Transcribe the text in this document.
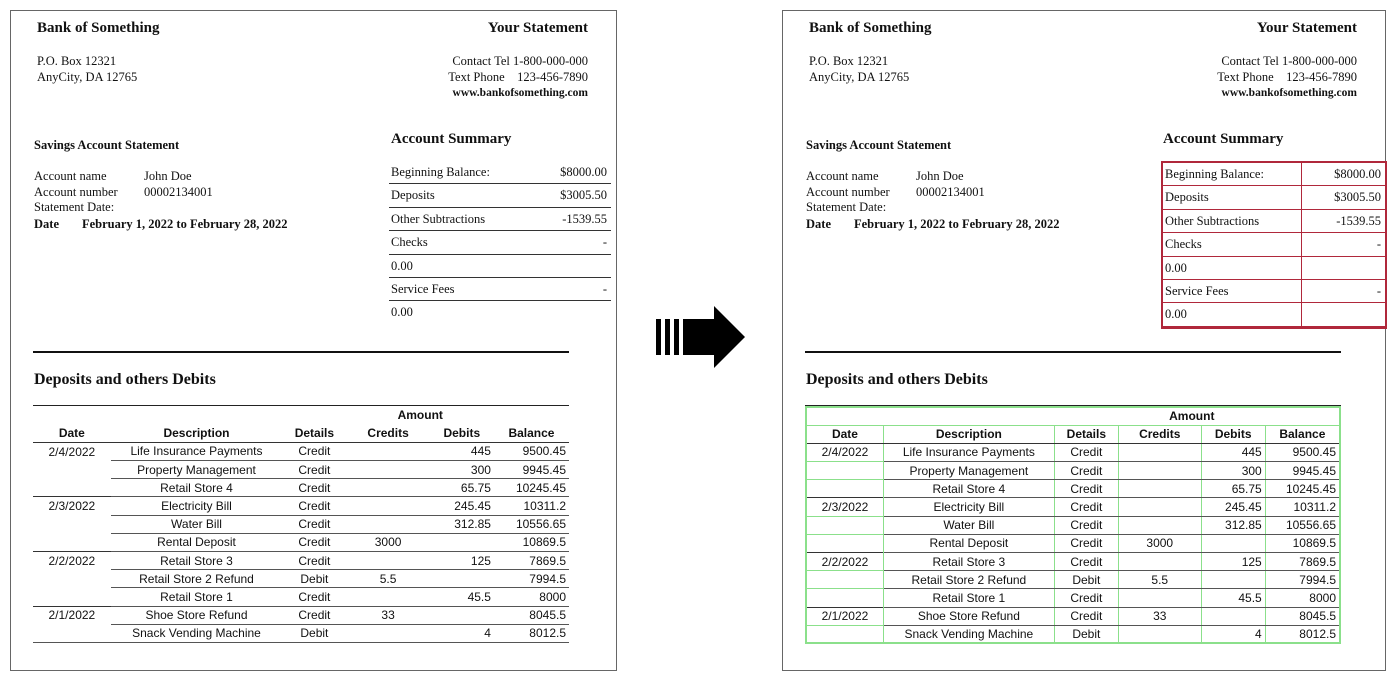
Bank of Something	Your Statement
P.O. Box 12321
AnyCity, DA 12765
Contact Tel 1-800-000-000
Text Phone    123-456-7890
www.bankofsomething.com
Savings Account Statement
Account name	John Doe
Account number 00002134001
Statement Date:
Date February 1, 2022 to February 28, 2022
Account Summary
Beginning Balance:	$8000.00
Deposits	$3005.50
Other Subtractions	-1539.55
Checks	-
0.00
Service Fees	-
0.00
Deposits and others Debits
			Amount		
Date	Description	Details	Credits	Debits	Balance
2/4/2022	Life Insurance Payments	Credit		445	9500.45
	Property Management	Credit		300	9945.45
	Retail Store 4	Credit		65.75	10245.45
2/3/2022	Electricity Bill	Credit		245.45	10311.2
	Water Bill	Credit		312.85	10556.65
	Rental Deposit	Credit	3000		10869.5
2/2/2022	Retail Store 3	Credit		125	7869.5
	Retail Store 2 Refund	Debit	5.5		7994.5
	Retail Store 1	Credit		45.5	8000
2/1/2022	Shoe Store Refund	Credit	33		8045.5
	Snack Vending Machine	Debit		4	8012.5
Bank of Something	Your Statement
P.O. Box 12321
AnyCity, DA 12765
Contact Tel 1-800-000-000
Text Phone    123-456-7890
www.bankofsomething.com
Savings Account Statement
Account name	John Doe
Account number 00002134001
Statement Date:
Date February 1, 2022 to February 28, 2022
Account Summary
Beginning Balance:	$8000.00
Deposits	$3005.50
Other Subtractions	-1539.55
Checks	-
0.00
Service Fees	-
0.00
Deposits and others Debits
			Amount		
Date	Description	Details	Credits	Debits	Balance
2/4/2022	Life Insurance Payments	Credit		445	9500.45
	Property Management	Credit		300	9945.45
	Retail Store 4	Credit		65.75	10245.45
2/3/2022	Electricity Bill	Credit		245.45	10311.2
	Water Bill	Credit		312.85	10556.65
	Rental Deposit	Credit	3000		10869.5
2/2/2022	Retail Store 3	Credit		125	7869.5
	Retail Store 2 Refund	Debit	5.5		7994.5
	Retail Store 1	Credit		45.5	8000
2/1/2022	Shoe Store Refund	Credit	33		8045.5
	Snack Vending Machine	Debit		4	8012.5
